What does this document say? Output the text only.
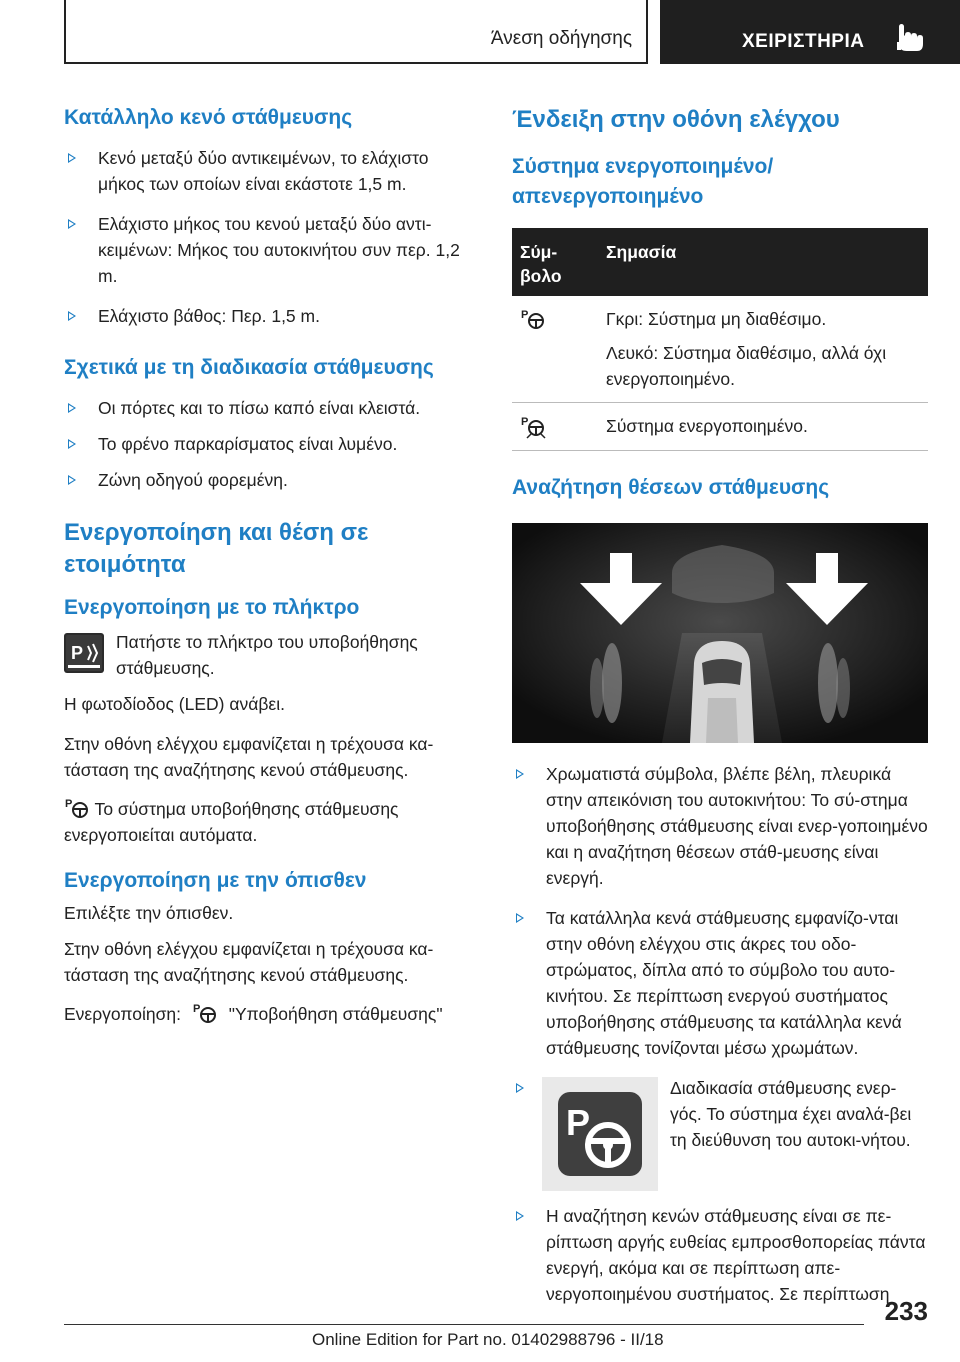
Άνεση οδήγησης	ΧΕΙΡΙΣΤΗΡΙΑ
Κατάλληλο κενό στάθμευσης
Κενό μεταξύ δύο αντικειμένων, το ελάχιστο μήκος των οποίων είναι εκάστοτε 1,5 m.
Ελάχιστο μήκος του κενού μεταξύ δύο αντι-κειμένων: Μήκος του αυτοκινήτου συν περ. 1,2 m.
Ελάχιστο βάθος: Περ. 1,5 m.
Σχετικά με τη διαδικασία στάθμευσης
Οι πόρτες και το πίσω καπό είναι κλειστά.
Το φρένο παρκαρίσματος είναι λυμένο.
Ζώνη οδηγού φορεμένη.
Ενεργοποίηση και θέση σε ετοιμότητα
Ενεργοποίηση με το πλήκτρο
P

Πατήστε το πλήκτρο του υποβοήθησης στάθμευσης.

Η φωτοδίοδος (LED) ανάβει.

Στην οθόνη ελέγχου εμφανίζεται η τρέχουσα κα-τάσταση της αναζήτησης κενού στάθμευσης.

P Το σύστημα υποβοήθησης στάθμευσης ενεργοποιείται αυτόματα.

Ενεργοποίηση με την όπισθεν

Επιλέξτε την όπισθεν.

Στην οθόνη ελέγχου εμφανίζεται η τρέχουσα κα-τάσταση της αναζήτησης κενού στάθμευσης.

Ενεργοποίηση: P "Υποβοήθηση στάθμευσης"

Ένδειξη στην οθόνη ελέγχου
Σύστημα ενεργοποιημένο/ απενεργοποιημένο
Σύμ-βολο	Σημασία

P	Γκρι: Σύστημα μη διαθέσιμο.
Λευκό: Σύστημα διαθέσιμο, αλλά όχι ενεργοποιημένο.

P	Σύστημα ενεργοποιημένο.
Αναζήτηση θέσεων στάθμευσης
Χρωματιστά σύμβολα, βλέπε βέλη, πλευρικά στην απεικόνιση του αυτοκινήτου: Το σύ-στημα υποβοήθησης στάθμευσης είναι ενερ-γοποιημένο και η αναζήτηση θέσεων στάθ-μευσης είναι ενεργή.
Τα κατάλληλα κενά στάθμευσης εμφανίζο-νται στην οθόνη ελέγχου στις άκρες του οδο-στρώματος, δίπλα από το σύμβολο του αυτο-κινήτου. Σε περίπτωση ενεργού συστήματος υποβοήθησης στάθμευσης τα κατάλληλα κενά στάθμευσης τονίζονται μέσω χρωμάτων.
P
Διαδικασία στάθμευσης ενερ-γός. Το σύστημα έχει αναλά-βει τη διεύθυνση του αυτοκι-νήτου.
Η αναζήτηση κενών στάθμευσης είναι σε πε-ρίπτωση αργής ευθείας εμπροσθοπορείας πάντα ενεργή, ακόμα και σε περίπτωση απε-νεργοποιημένου συστήματος. Σε περίπτωση
233
Online Edition for Part no. 01402988796 - II/18
